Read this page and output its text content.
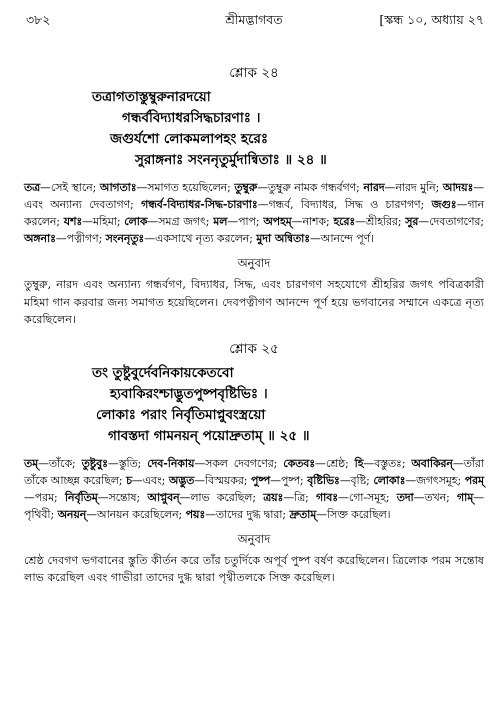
৩৮২	শ্রীমদ্ভাগবত	[স্কন্ধ ১০, অধ্যায় ২৭
শ্লোক ২৪
তত্রাগতাস্তুম্বুরুনারদয়ো
গন্ধর্ববিদ্যাধরসিদ্ধচারণাঃ ।
জগুর্যশো লোকমলাপহং হরেঃ
সুরাঙ্গনাঃ সংননৃতুর্মুদান্বিতাঃ ॥ ২৪ ॥
তত্র—সেই স্থানে; আগতাঃ—সমাগত হয়েছিলেন; তুম্বুরু—তুম্বুরু নামক গন্ধর্বগণ; নারদ—নারদ মুনি; আদয়ঃ—এবং অন্যান্য দেবতাগণ; গন্ধর্ব-বিদ্যাধর-সিদ্ধ-চারণাঃ—গন্ধর্ব, বিদ্যাধর, সিদ্ধ ও চারণগণ; জগুঃ—গান করলেন; যশঃ—মহিমা; লোক—সমগ্র জগৎ; মল—পাপ; অপহম্—নাশক; হরেঃ—শ্রীহরির; সুর—দেবতাগণের; অঙ্গনাঃ—পত্নীগণ; সংননৃতুঃ—একসাথে নৃত্য করলেন; মুদা অন্বিতাঃ—আনন্দে পূর্ণ।
অনুবাদ
তুম্বুরু, নারদ এবং অন্যান্য গন্ধর্বগণ, বিদ্যাধর, সিদ্ধ, এবং চারণগণ সহযোগে শ্রীহরির জগৎ পবিত্রকারী মহিমা গান করবার জন্য সমাগত হয়েছিলেন। দেবপত্নীগণ আনন্দে পূর্ণ হয়ে ভগবানের সম্মানে একত্রে নৃত্য করেছিলেন।
শ্লোক ২৫
তং তুষ্টুবুর্দেবনিকায়কেতবো
হ্যবাকিরংশ্চাদ্ভুতপুষ্পবৃষ্টিভিঃ ।
লোকাঃ পরাং নির্বৃতিমাপ্নুবংস্ত্রয়ো
গাবস্তদা গামনয়ন্ পয়োদ্রুতাম্ ॥ ২৫ ॥
তম্—তাঁকে; তুষ্টুবুঃ—স্তুতি; দেব-নিকায়—সকল দেবগণের; কেতবঃ—শ্রেষ্ঠ; হি—বস্তুতঃ; অবাকিরন্—তাঁরা তাঁকে আচ্ছন্ন করেছিল; চ—এবং; অদ্ভুত—বিস্ময়কর; পুষ্প—পুষ্প; বৃষ্টিভিঃ—বৃষ্টি; লোকাঃ—জগৎসমূহ; পরম্—পরম; নির্বৃতিম্—সন্তোষ; আপ্নুবন্—লাভ করেছিল; ত্রয়ঃ—ত্রি; গাবঃ—গো-সমূহ; তদা—তখন; গাম্—পৃথিবী; অনয়ন্—আনয়ন করেছিলেন; পয়ঃ—তাদের দুগ্ধ দ্বারা; দ্রুতাম্—সিক্ত করেছিল।
অনুবাদ
শ্রেষ্ঠ দেবগণ ভগবানের স্তুতি কীর্তন করে তাঁর চতুর্দিকে অপূর্ব পুষ্প বর্ষণ করেছিলেন। ত্রিলোক পরম সন্তোষ লাভ করেছিল এবং গাভীরা তাদের দুগ্ধ দ্বারা পৃথ্বীতলকে সিক্ত করেছিল।
